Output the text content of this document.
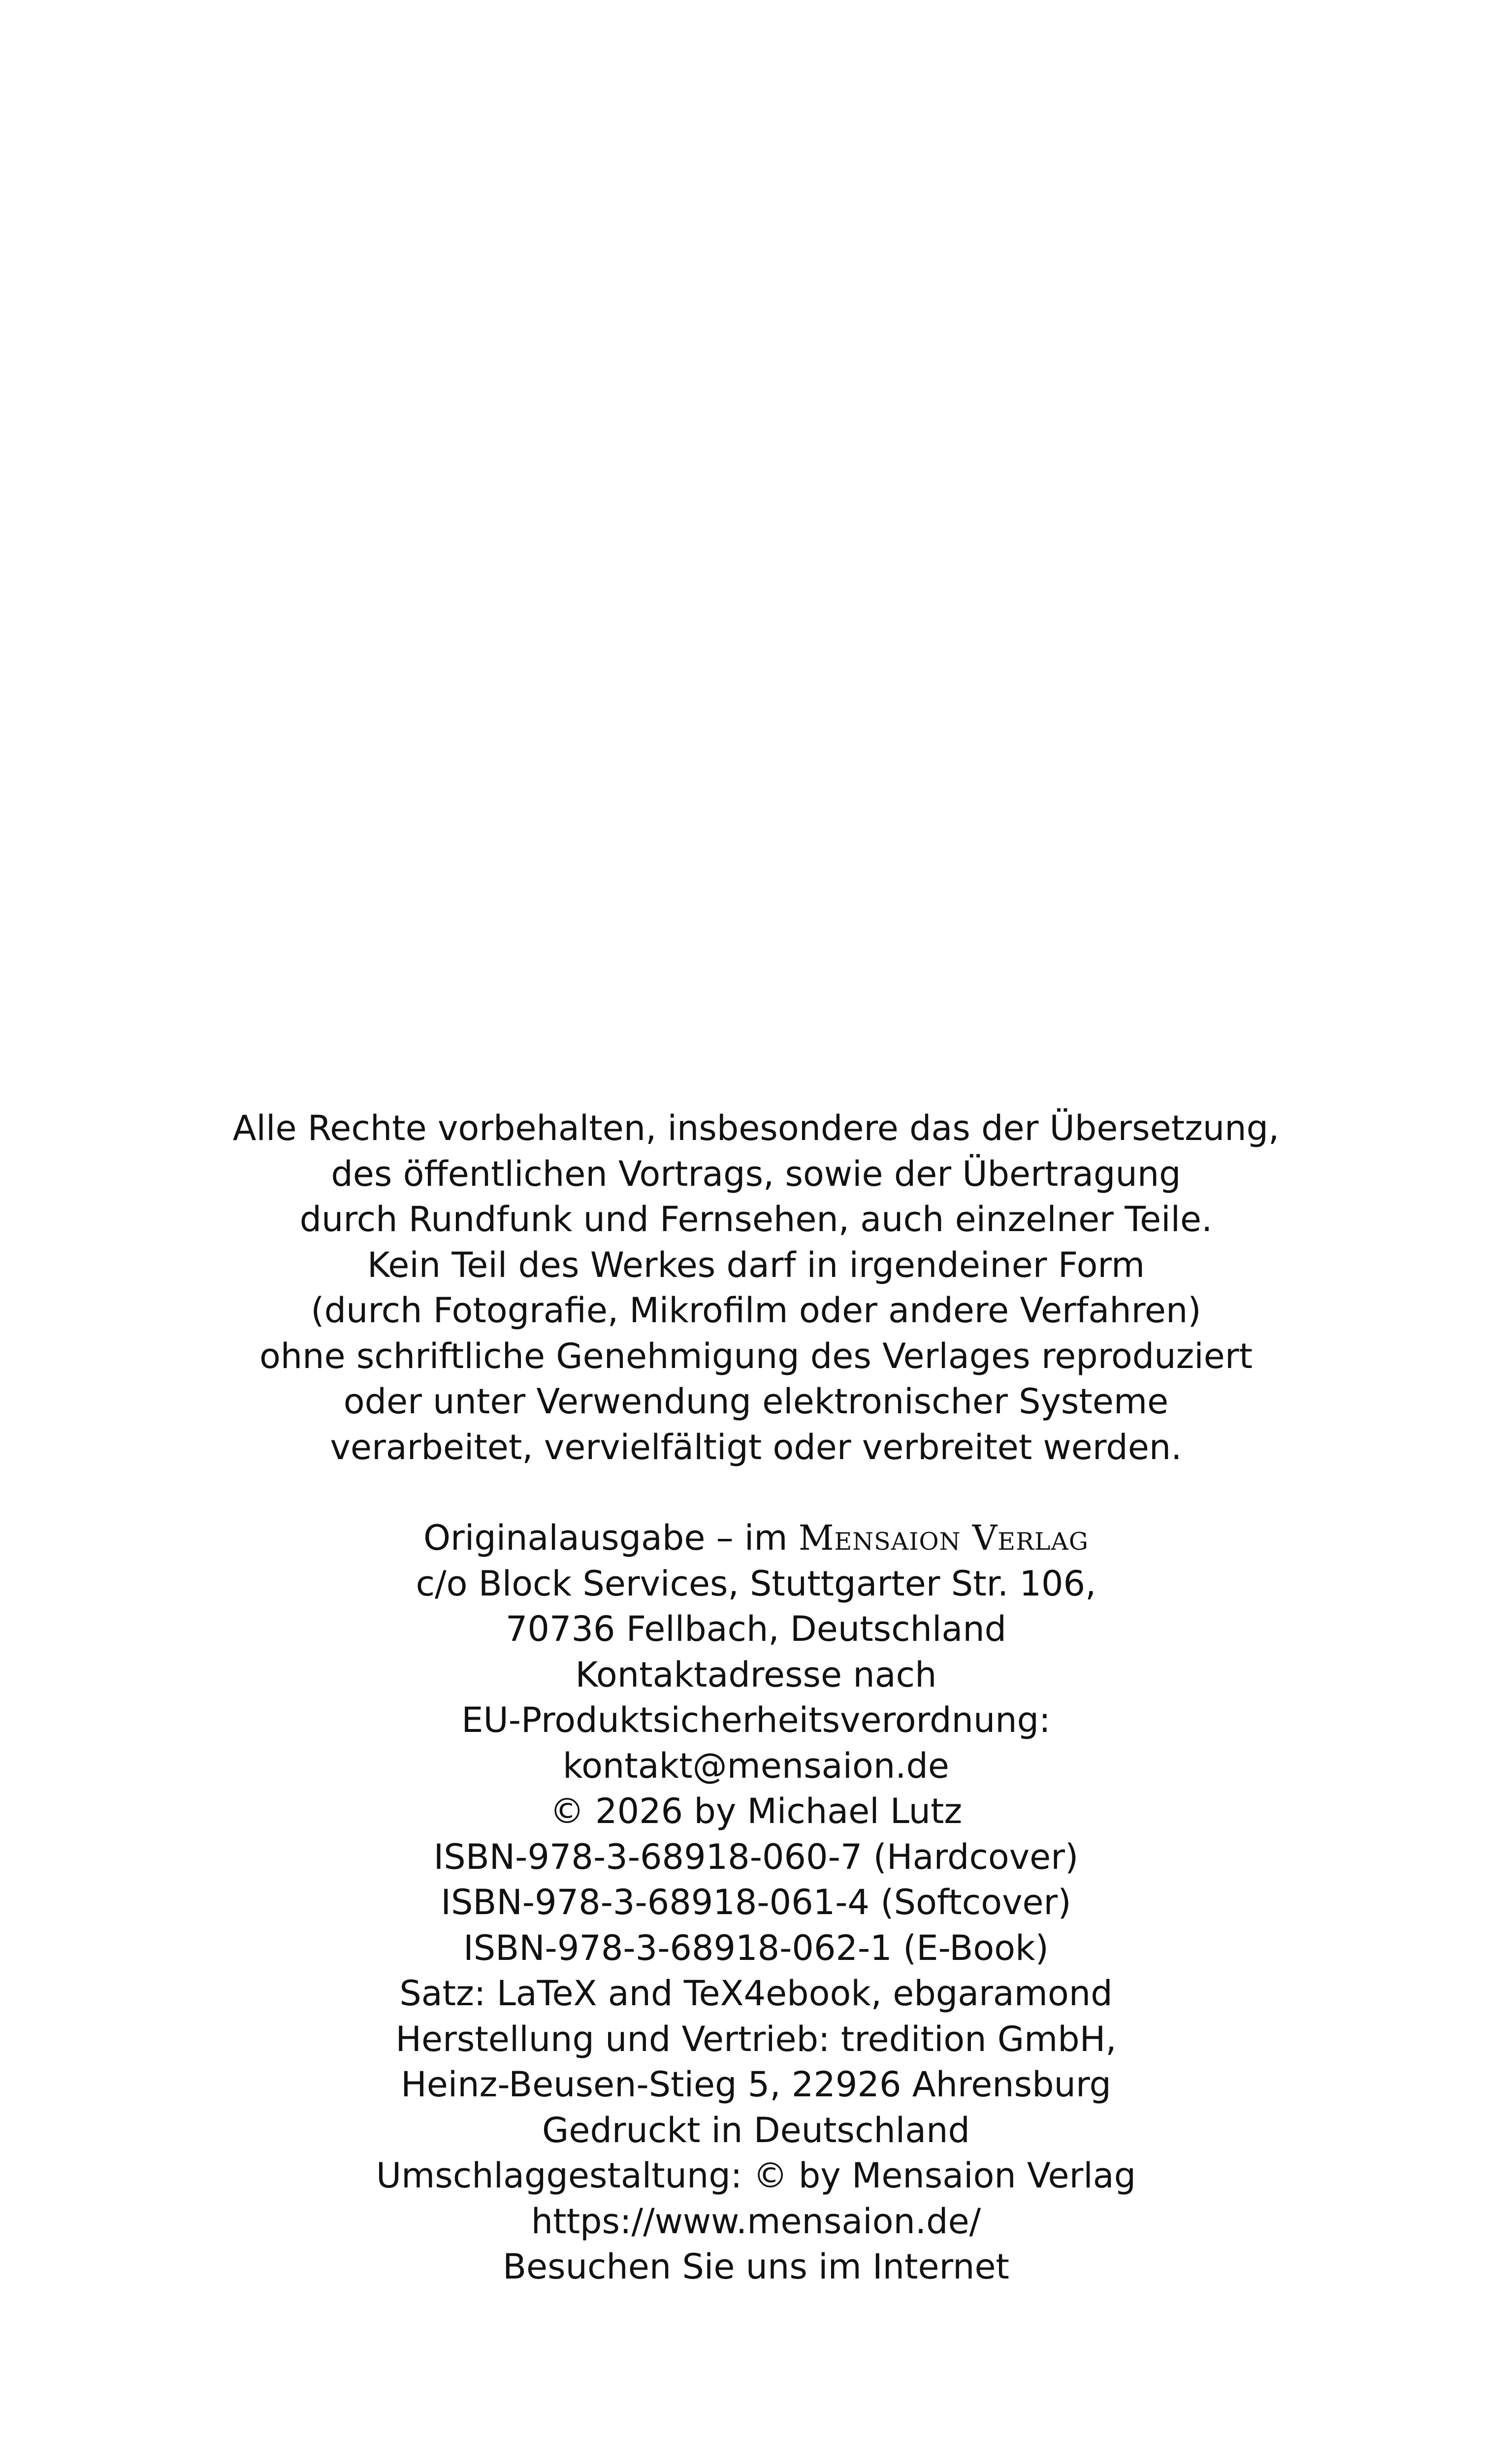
Alle Rechte vorbehalten, insbesondere das der Übersetzung,
des öffentlichen Vortrags, sowie der Übertragung
durch Rundfunk und Fernsehen, auch einzelner Teile.
Kein Teil des Werkes darf in irgendeiner Form
(durch Fotografie, Mikrofilm oder andere Verfahren)
ohne schriftliche Genehmigung des Verlages reproduziert
oder unter Verwendung elektronischer Systeme
verarbeitet, vervielfältigt oder verbreitet werden.
Originalausgabe – im Mensaion Verlag
c/o Block Services, Stuttgarter Str. 106,
70736 Fellbach, Deutschland
Kontaktadresse nach
EU-Produktsicherheitsverordnung:
kontakt@mensaion.de
© 2026 by Michael Lutz
ISBN-978-3-68918-060-7 (Hardcover)
ISBN-978-3-68918-061-4 (Softcover)
ISBN-978-3-68918-062-1 (E-Book)
Satz: LaTeX and TeX4ebook, ebgaramond
Herstellung und Vertrieb: tredition GmbH,
Heinz-Beusen-Stieg 5, 22926 Ahrensburg
Gedruckt in Deutschland
Umschlaggestaltung: © by Mensaion Verlag
https://www.mensaion.de/
Besuchen Sie uns im Internet
